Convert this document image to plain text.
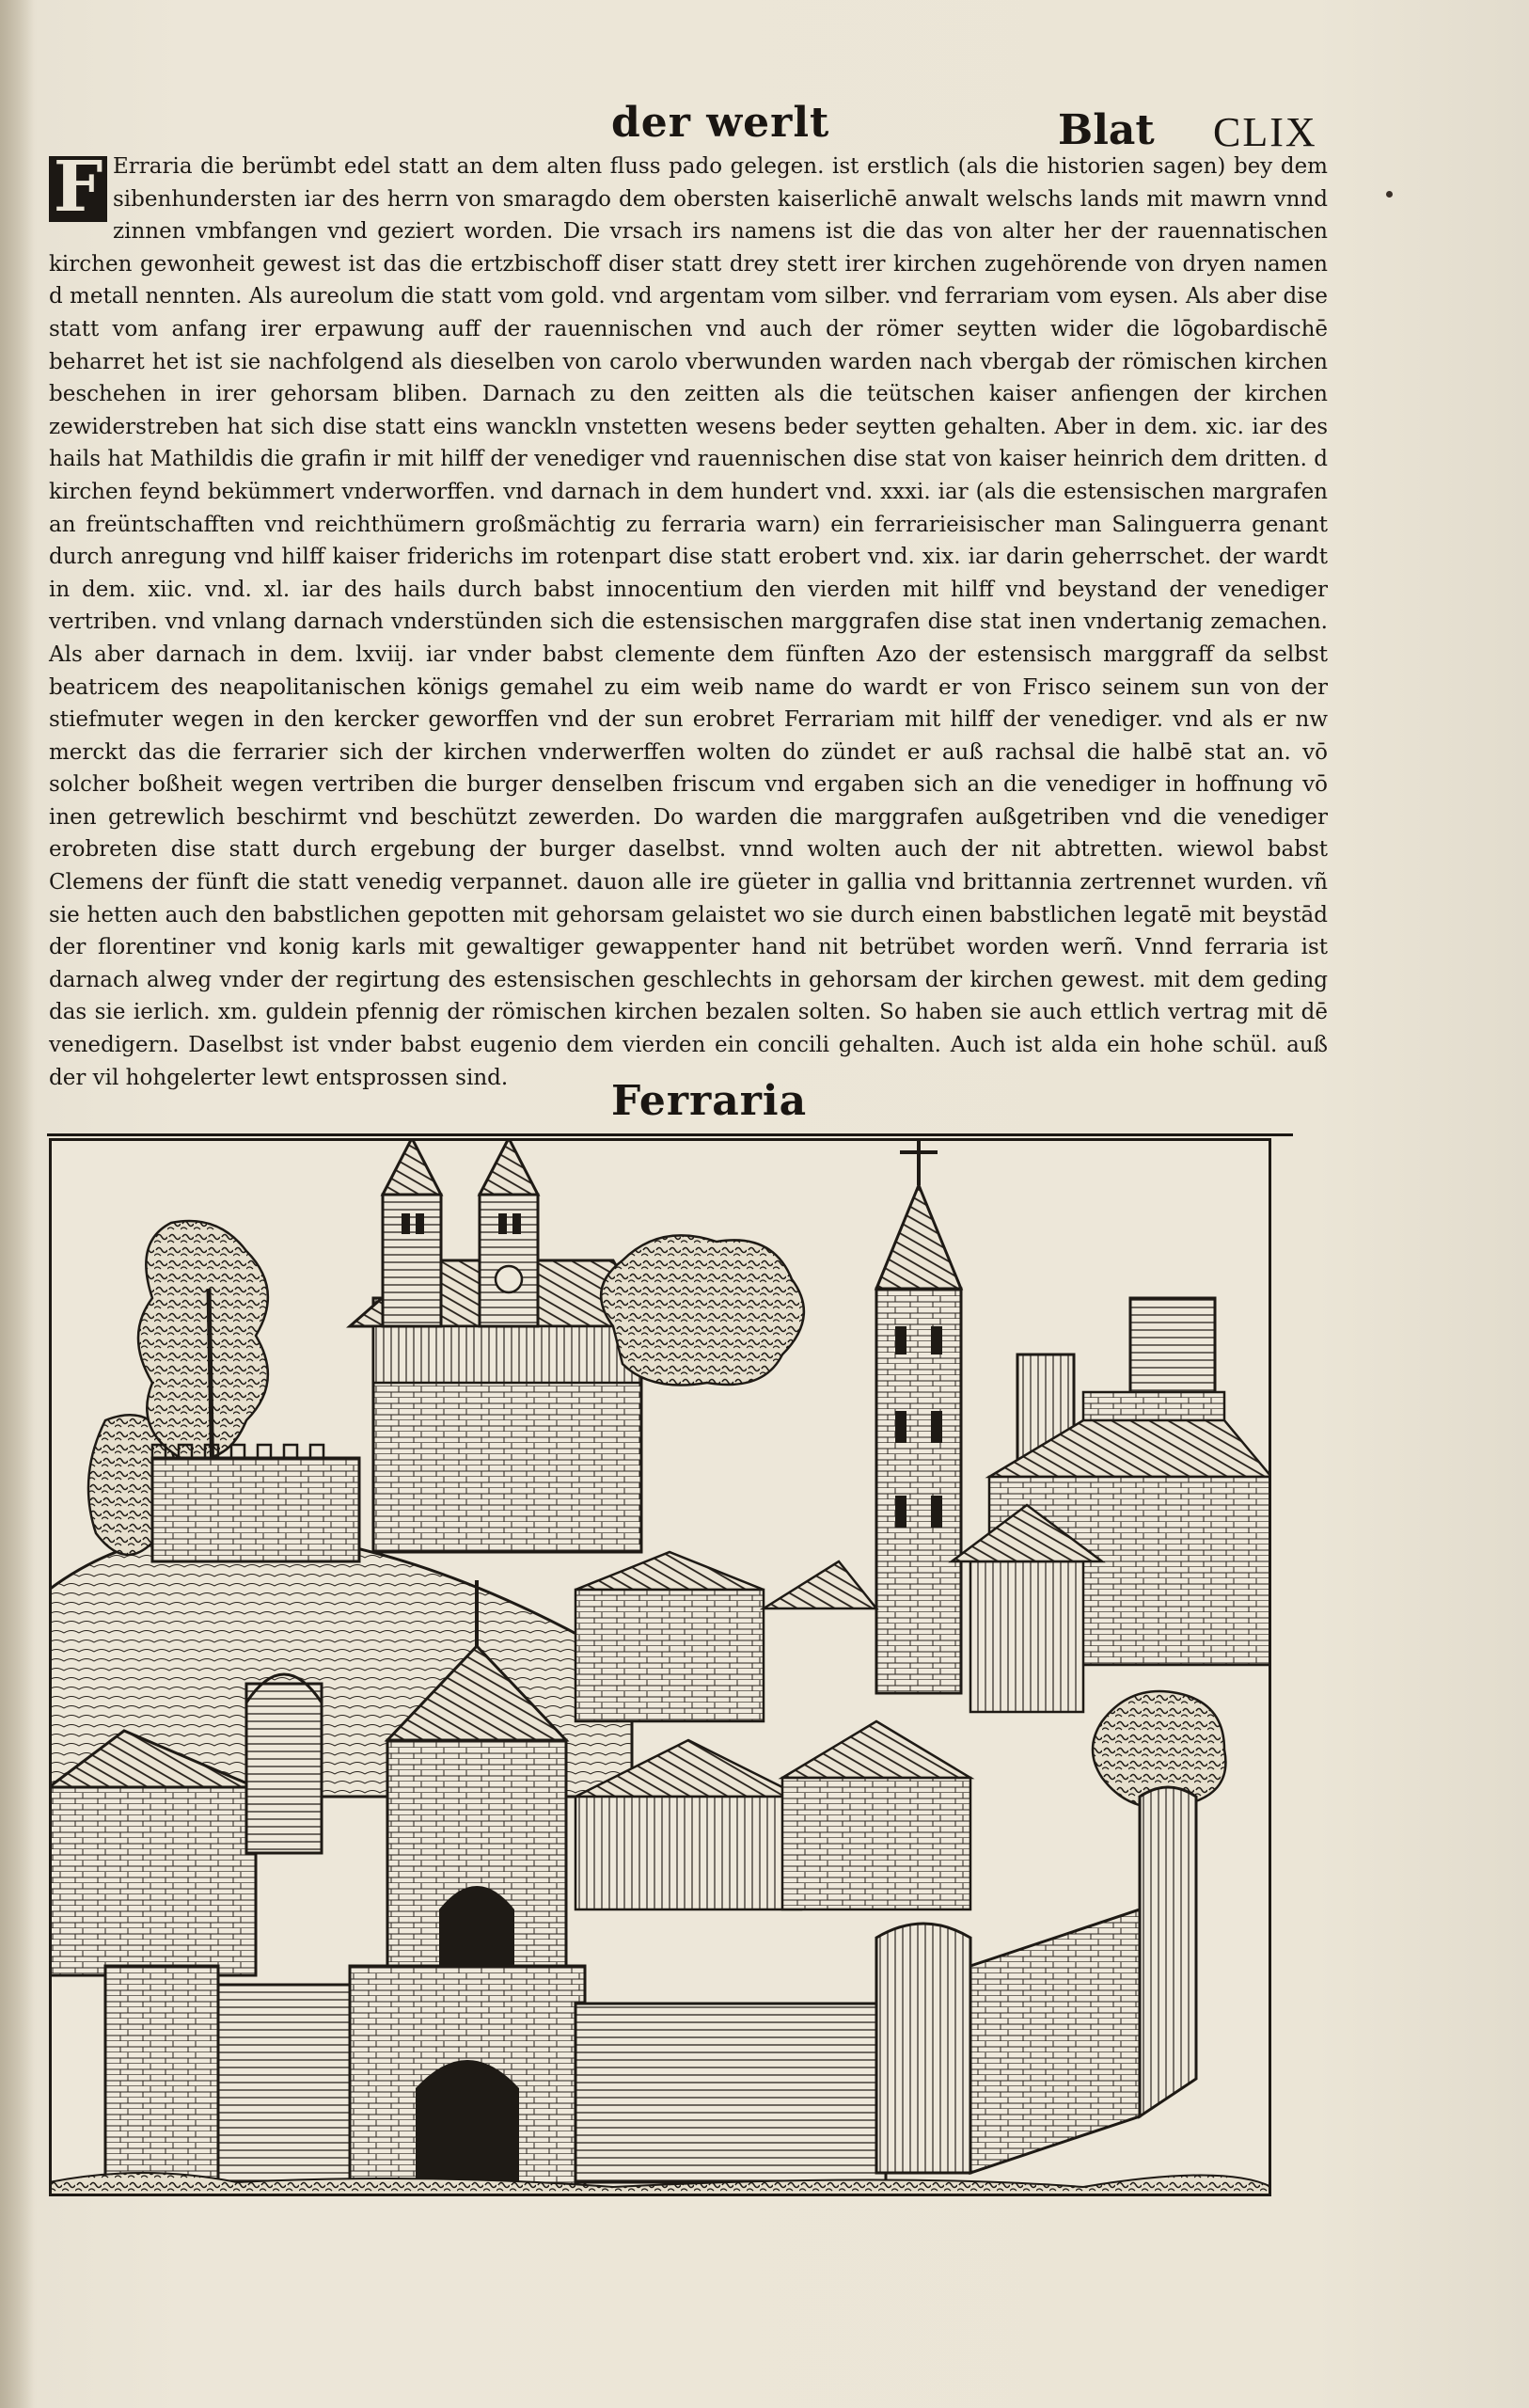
der werlt	Blat CLIX
F Erraria die berümbt edel statt an dem alten fluss pado gelegen. ist erstlich (als die historien sagen) bey dem sibenhundersten iar des herrn von smaragdo dem obersten kaiserlichē anwalt welschs lands mit mawrn vnnd zinnen vmbfangen vnd geziert worden. Die vrsach irs namens ist die das von alter her der rauennatischen kirchen gewonheit gewest ist das die ertzbischoff diser statt drey stett irer kirchen zugehörende von dryen namen d metall nennten. Als aureolum die statt vom gold. vnd argentam vom silber. vnd ferrariam vom eysen. Als aber dise statt vom anfang irer erpawung auff der rauennischen vnd auch der römer seytten wider die lōgobardischē beharret het ist sie nachfolgend als dieselben von carolo vberwunden warden nach vbergab der römischen kirchen beschehen in irer gehorsam bliben. Darnach zu den zeitten als die teütschen kaiser anfiengen der kirchen zewiderstreben hat sich dise statt eins wanckln vnstetten wesens beder seytten gehalten. Aber in dem. xic. iar des hails hat Mathildis die grafin ir mit hilff der venediger vnd rauennischen dise stat von kaiser heinrich dem dritten. d kirchen feynd bekümmert vnderworffen. vnd darnach in dem hundert vnd. xxxi. iar (als die estensischen margrafen an freüntschafften vnd reichthümern großmächtig zu ferraria warn) ein ferrarieisischer man Salinguerra genant durch anregung vnd hilff kaiser friderichs im rotenpart dise statt erobert vnd. xix. iar darin geherrschet. der wardt in dem. xiic. vnd. xl. iar des hails durch babst innocentium den vierden mit hilff vnd beystand der venediger vertriben. vnd vnlang darnach vnderstünden sich die estensischen marggrafen dise stat inen vndertanig zemachen. Als aber darnach in dem. lxviij. iar vnder babst clemente dem fünften Azo der estensisch marggraff da selbst beatricem des neapolitanischen königs gemahel zu eim weib name do wardt er von Frisco seinem sun von der stiefmuter wegen in den kercker geworffen vnd der sun erobret Ferrariam mit hilff der venediger. vnd als er nw merckt das die ferrarier sich der kirchen vnderwerffen wolten do zündet er auß rachsal die halbē stat an. vō solcher boßheit wegen vertriben die burger denselben friscum vnd ergaben sich an die venediger in hoffnung vō inen getrewlich beschirmt vnd beschützt zewerden. Do warden die marggrafen außgetriben vnd die venediger erobreten dise statt durch ergebung der burger daselbst. vnnd wolten auch der nit abtretten. wiewol babst Clemens der fünft die statt venedig verpannet. dauon alle ire güeter in gallia vnd brittannia zertrennet wurden. vñ sie hetten auch den babstlichen gepotten mit gehorsam gelaistet wo sie durch einen babstlichen legatē mit beystād der florentiner vnd konig karls mit gewaltiger gewappenter hand nit betrübet worden werñ. Vnnd ferraria ist darnach alweg vnder der regirtung des estensischen geschlechts in gehorsam der kirchen gewest. mit dem geding das sie ierlich. xm. guldein pfennig der römischen kirchen bezalen solten. So haben sie auch ettlich vertrag mit dē venedigern. Daselbst ist vnder babst eugenio dem vierden ein concili gehalten. Auch ist alda ein hohe schül. auß der vil hohgelerter lewt entsprossen sind.	Ferraria
